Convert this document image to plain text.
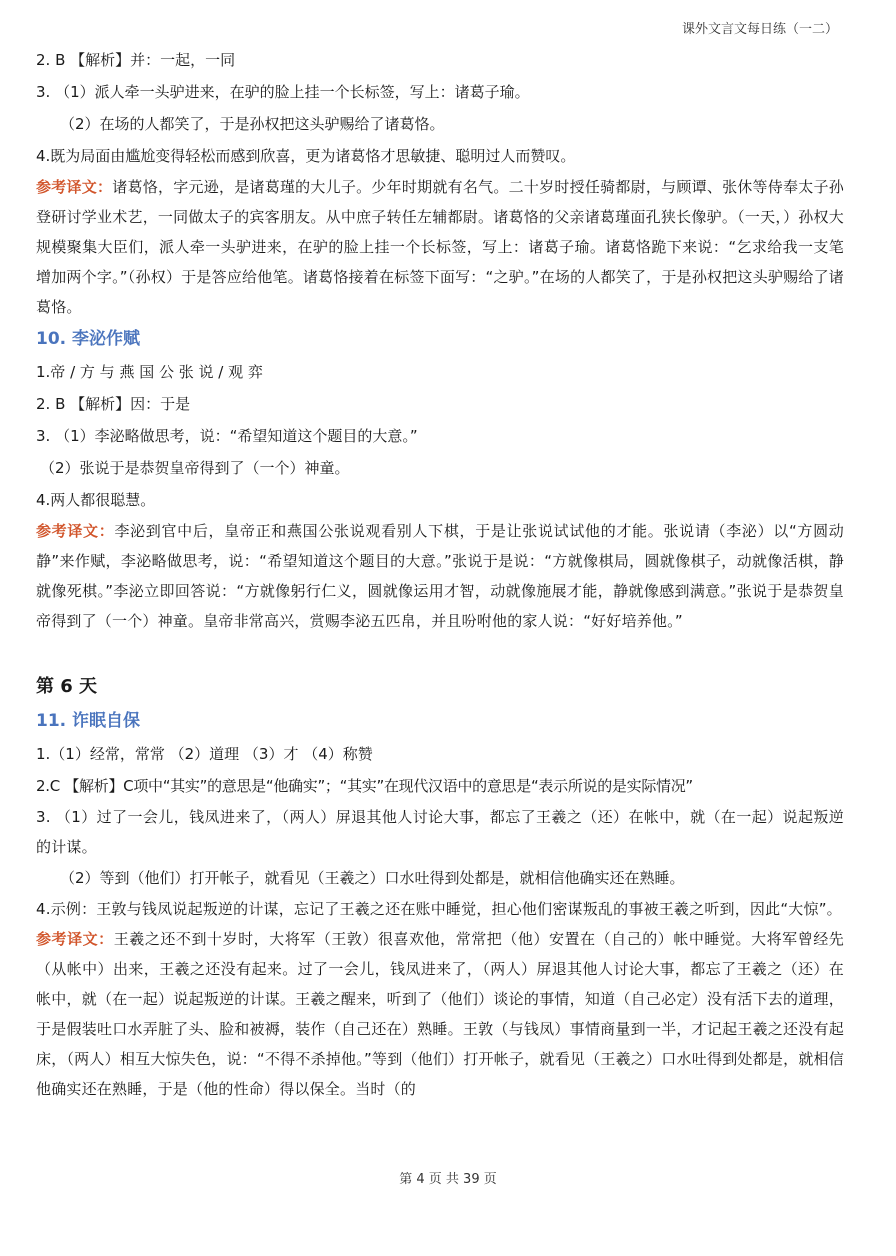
课外文言文每日练（一二）

2. B 【解析】并：一起，一同

3. （1）派人牵一头驴进来，在驴的脸上挂一个长标签，写上：诸葛子瑜。

（2）在场的人都笑了，于是孙权把这头驴赐给了诸葛恪。

4.既为局面由尴尬变得轻松而感到欣喜，更为诸葛恪才思敏捷、聪明过人而赞叹。

参考译文：诸葛恪，字元逊，是诸葛瑾的大儿子。少年时期就有名气。二十岁时授任骑都尉，与顾谭、张休等侍奉太子孙登研讨学业术艺，一同做太子的宾客朋友。从中庶子转任左辅都尉。诸葛恪的父亲诸葛瑾面孔狭长像驴。（一天，）孙权大规模聚集大臣们，派人牵一头驴进来，在驴的脸上挂一个长标签，写上：诸葛子瑜。诸葛恪跪下来说：“乞求给我一支笔增加两个字。”（孙权）于是答应给他笔。诸葛恪接着在标签下面写：“之驴。”在场的人都笑了，于是孙权把这头驴赐给了诸葛恪。

10. 李泌作赋

1.帝 / 方 与 燕 国 公 张 说 / 观 弈

2. B 【解析】因：于是

3. （1）李泌略做思考，说：“希望知道这个题目的大意。”

（2）张说于是恭贺皇帝得到了（一个）神童。

4.两人都很聪慧。

参考译文：李泌到官中后，皇帝正和燕国公张说观看别人下棋，于是让张说试试他的才能。张说请（李泌）以“方圆动静”来作赋，李泌略做思考，说：“希望知道这个题目的大意。”张说于是说：“方就像棋局，圆就像棋子，动就像活棋，静就像死棋。”李泌立即回答说：“方就像躬行仁义，圆就像运用才智，动就像施展才能，静就像感到满意。”张说于是恭贺皇帝得到了（一个）神童。皇帝非常高兴，赏赐李泌五匹帛，并且吩咐他的家人说：“好好培养他。”

第 6 天

11. 诈眠自保

1.（1）经常，常常 （2）道理 （3）才 （4）称赞

2.C 【解析】C项中“其实”的意思是“他确实”；“其实”在现代汉语中的意思是“表示所说的是实际情况”

3. （1）过了一会儿，钱凤进来了，（两人）屏退其他人讨论大事，都忘了王羲之（还）在帐中，就（在一起）说起叛逆的计谋。

（2）等到（他们）打开帐子，就看见（王羲之）口水吐得到处都是，就相信他确实还在熟睡。

4.示例：王敦与钱凤说起叛逆的计谋，忘记了王羲之还在账中睡觉，担心他们密谋叛乱的事被王羲之听到，因此“大惊”。

参考译文：王羲之还不到十岁时，大将军（王敦）很喜欢他，常常把（他）安置在（自己的）帐中睡觉。大将军曾经先（从帐中）出来，王羲之还没有起来。过了一会儿，钱凤进来了，（两人）屏退其他人讨论大事，都忘了王羲之（还）在帐中，就（在一起）说起叛逆的计谋。王羲之醒来，听到了（他们）谈论的事情，知道（自己必定）没有活下去的道理，于是假装吐口水弄脏了头、脸和被褥，装作（自己还在）熟睡。王敦（与钱凤）事情商量到一半，才记起王羲之还没有起床，（两人）相互大惊失色，说：“不得不杀掉他。”等到（他们）打开帐子，就看见（王羲之）口水吐得到处都是，就相信他确实还在熟睡，于是（他的性命）得以保全。当时（的

第 4 页 共 39 页
